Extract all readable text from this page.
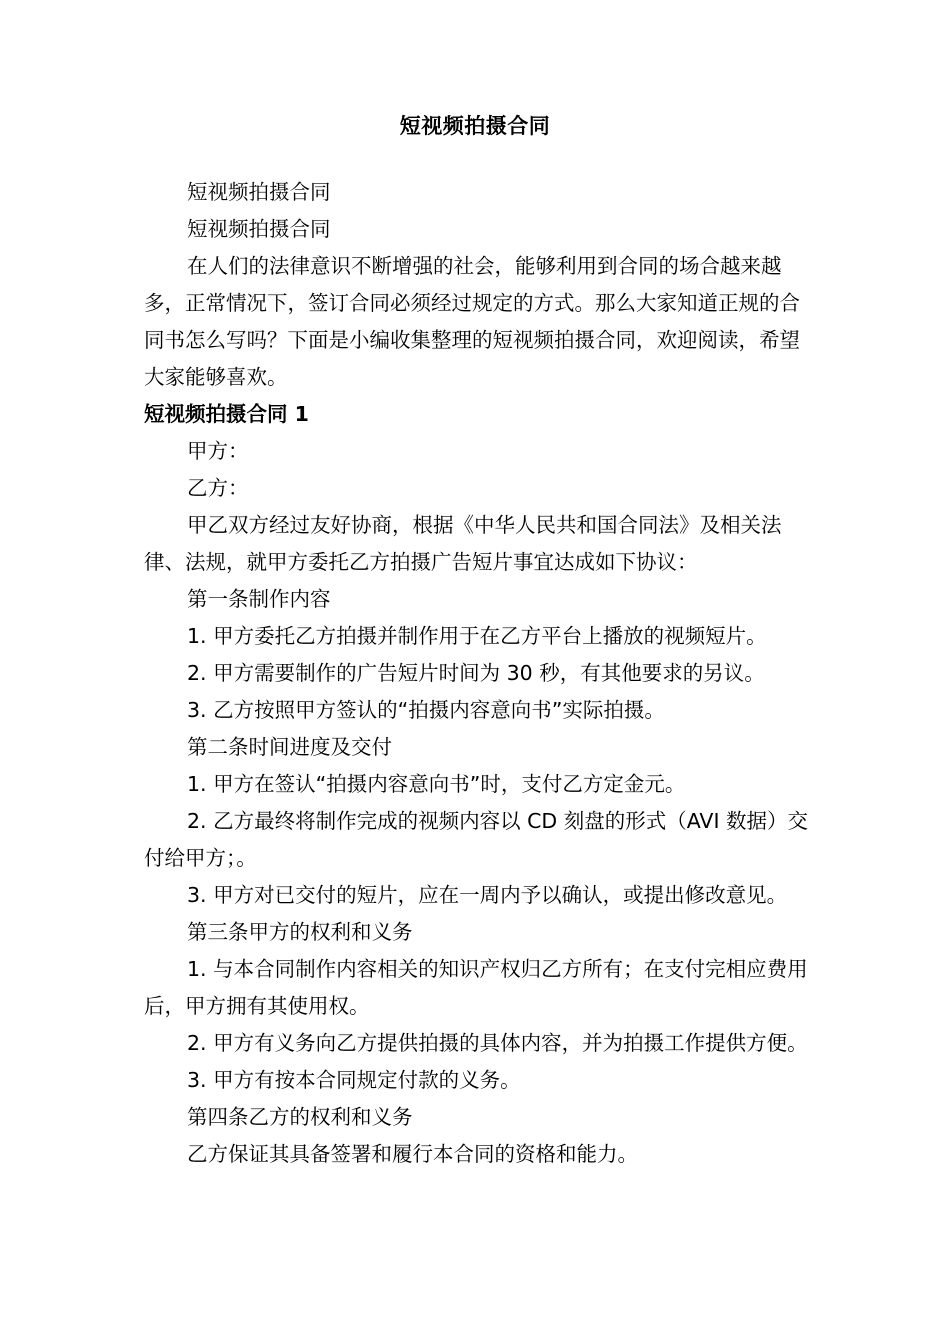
短视频拍摄合同

短视频拍摄合同

短视频拍摄合同

在人们的法律意识不断增强的社会，能够利用到合同的场合越来越多，正常情况下，签订合同必须经过规定的方式。那么大家知道正规的合同书怎么写吗？下面是小编收集整理的短视频拍摄合同，欢迎阅读，希望大家能够喜欢。

短视频拍摄合同 1

甲方：

乙方：

甲乙双方经过友好协商，根据《中华人民共和国合同法》及相关法律、法规，就甲方委托乙方拍摄广告短片事宜达成如下协议：

第一条制作内容

1. 甲方委托乙方拍摄并制作用于在乙方平台上播放的视频短片。

2. 甲方需要制作的广告短片时间为 30 秒，有其他要求的另议。

3. 乙方按照甲方签认的“拍摄内容意向书”实际拍摄。

第二条时间进度及交付

1. 甲方在签认“拍摄内容意向书”时，支付乙方定金元。

2. 乙方最终将制作完成的视频内容以 CD 刻盘的形式（AVI 数据）交付给甲方；。

3. 甲方对已交付的短片，应在一周内予以确认，或提出修改意见。

第三条甲方的权利和义务

1. 与本合同制作内容相关的知识产权归乙方所有；在支付完相应费用后，甲方拥有其使用权。

2. 甲方有义务向乙方提供拍摄的具体内容，并为拍摄工作提供方便。

3. 甲方有按本合同规定付款的义务。

第四条乙方的权利和义务

乙方保证其具备签署和履行本合同的资格和能力。
